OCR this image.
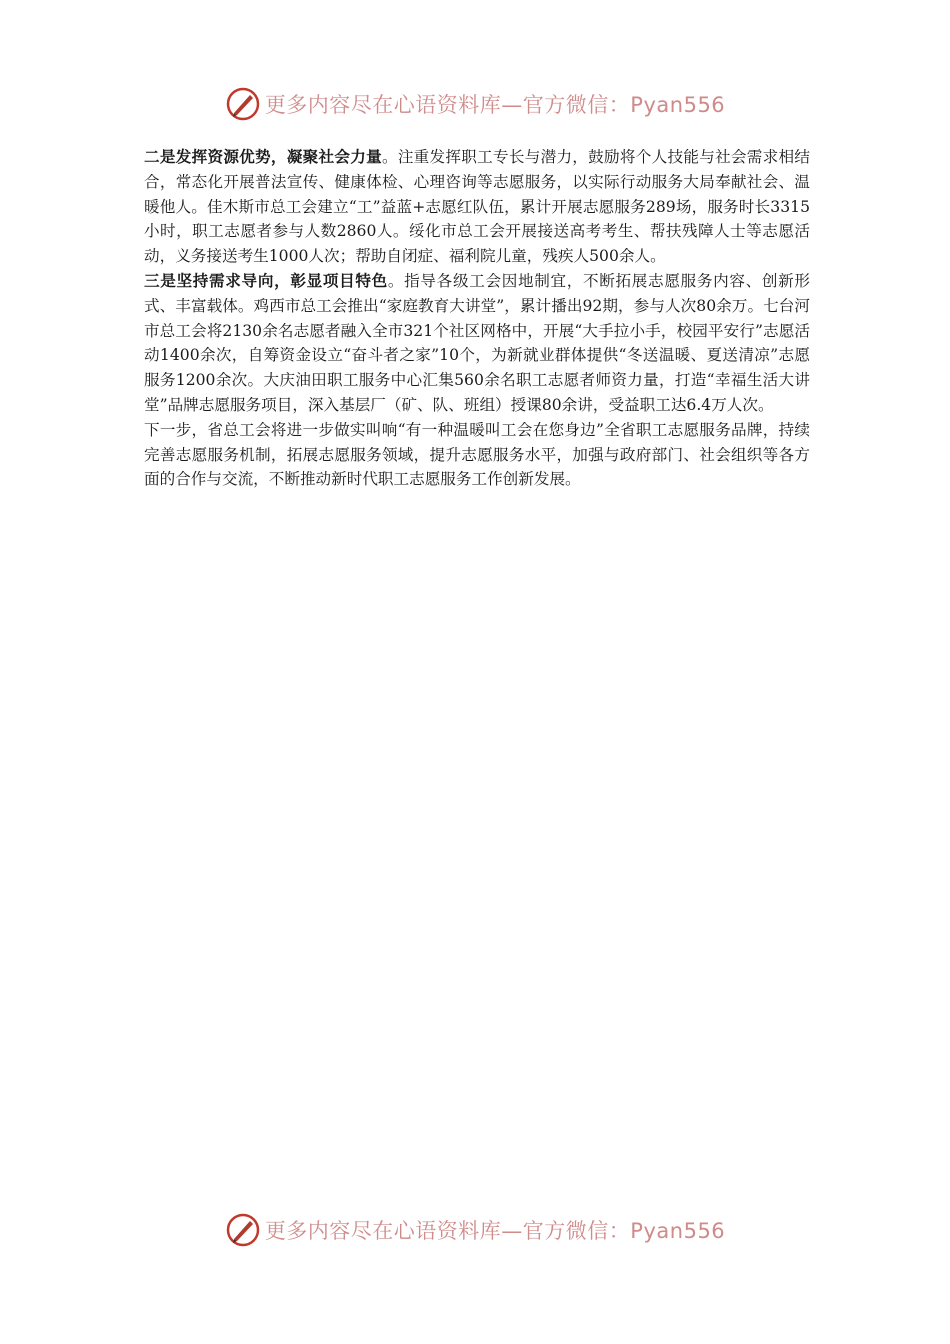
更多内容尽在心语资料库—官方微信：Pyan556

二是发挥资源优势，凝聚社会力量。注重发挥职工专长与潜力，鼓励将个人技能与社会需求相结合，常态化开展普法宣传、健康体检、心理咨询等志愿服务，以实际行动服务大局奉献社会、温暖他人。佳木斯市总工会建立“工”益蓝+志愿红队伍，累计开展志愿服务289场，服务时长3315小时，职工志愿者参与人数2860人。绥化市总工会开展接送高考考生、帮扶残障人士等志愿活动，义务接送考生1000人次；帮助自闭症、福利院儿童，残疾人500余人。

三是坚持需求导向，彰显项目特色。指导各级工会因地制宜，不断拓展志愿服务内容、创新形式、丰富载体。鸡西市总工会推出“家庭教育大讲堂”，累计播出92期，参与人次80余万。七台河市总工会将2130余名志愿者融入全市321个社区网格中，开展“大手拉小手，校园平安行”志愿活动1400余次，自筹资金设立“奋斗者之家”10个，为新就业群体提供“冬送温暖、夏送清凉”志愿服务1200余次。大庆油田职工服务中心汇集560余名职工志愿者师资力量，打造“幸福生活大讲堂”品牌志愿服务项目，深入基层厂（矿、队、班组）授课80余讲，受益职工达6.4万人次。

下一步，省总工会将进一步做实叫响“有一种温暖叫工会在您身边”全省职工志愿服务品牌，持续完善志愿服务机制，拓展志愿服务领域，提升志愿服务水平，加强与政府部门、社会组织等各方面的合作与交流，不断推动新时代职工志愿服务工作创新发展。

更多内容尽在心语资料库—官方微信：Pyan556
